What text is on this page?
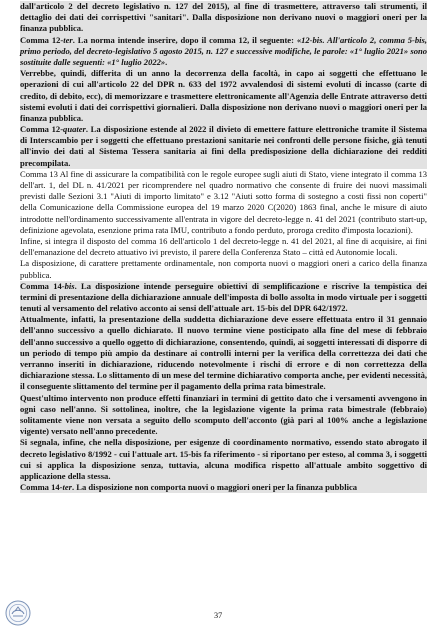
dall'articolo 2 del decreto legislativo n. 127 del 2015), al fine di trasmettere, attraverso tali strumenti, il dettaglio dei dati dei corrispettivi "sanitari". Dalla disposizione non derivano nuovi o maggiori oneri per la finanza pubblica.

Comma 12-ter. La norma intende inserire, dopo il comma 12, il seguente: «12-bis. All'articolo 2, comma 5-bis, primo periodo, del decreto-legislativo 5 agosto 2015, n. 127 e successive modifiche, le parole: «1° luglio 2021» sono sostituite dalle seguenti: «1° luglio 2022».

Verrebbe, quindi, differita di un anno la decorrenza della facoltà, in capo ai soggetti che effettuano le operazioni di cui all'articolo 22 del DPR n. 633 del 1972 avvalendosi di sistemi evoluti di incasso (carte di credito, di debito, ecc), di memorizzare e trasmettere elettronicamente all'Agenzia delle Entrate attraverso detti sistemi evoluti i dati dei corrispettivi giornalieri. Dalla disposizione non derivano nuovi o maggiori oneri per la finanza pubblica.

Comma 12-quater. La disposizione estende al 2022 il divieto di emettere fatture elettroniche tramite il Sistema di Interscambio per i soggetti che effettuano prestazioni sanitarie nei confronti delle persone fisiche, già tenuti all'invio dei dati al Sistema Tessera sanitaria ai fini della predisposizione della dichiarazione dei redditi precompilata.

Comma 13 Al fine di assicurare la compatibilità con le regole europee sugli aiuti di Stato, viene integrato il comma 13 dell'art. 1, del DL n. 41/2021 per ricomprendere nel quadro normativo che consente di fruire dei nuovi massimali previsti dalle Sezioni 3.1 "Aiuti di importo limitato" e 3.12 "Aiuti sotto forma di sostegno a costi fissi non coperti" della Comunicazione della Commissione europea del 19 marzo 2020 C(2020) 1863 final, anche le misure di aiuto introdotte nell'ordinamento successivamente all'entrata in vigore del decreto-legge n. 41 del 2021 (contributo start-up, definizione agevolata, esenzione prima rata IMU, contributo a fondo perduto, proroga credito d'imposta locazioni).

Infine, si integra il disposto del comma 16 dell'articolo 1 del decreto-legge n. 41 del 2021, al fine di acquisire, ai fini dell'emanazione del decreto attuativo ivi previsto, il parere della Conferenza Stato – città ed Autonomie locali.

La disposizione, di carattere prettamente ordinamentale, non comporta nuovi o maggiori oneri a carico della finanza pubblica.

Comma 14-bis. La disposizione intende perseguire obiettivi di semplificazione e riscrive la tempistica dei termini di presentazione della dichiarazione annuale dell'imposta di bollo assolta in modo virtuale per i soggetti tenuti al versamento del relativo acconto ai sensi dell'attuale art. 15-bis del DPR 642/1972.

Attualmente, infatti, la presentazione della suddetta dichiarazione deve essere effettuata entro il 31 gennaio dell'anno successivo a quello dichiarato. Il nuovo termine viene posticipato alla fine del mese di febbraio dell'anno successivo a quello oggetto di dichiarazione, consentendo, quindi, ai soggetti interessati di disporre di un periodo di tempo più ampio da destinare ai controlli interni per la verifica della correttezza dei dati che verranno inseriti in dichiarazione, riducendo notevolmente i rischi di errore e di non correttezza della dichiarazione stessa. Lo slittamento di un mese del termine dichiarativo comporta anche, per evidenti necessità, il conseguente slittamento del termine per il pagamento della prima rata bimestrale.

Quest'ultimo intervento non produce effetti finanziari in termini di gettito dato che i versamenti avvengono in ogni caso nell'anno. Si sottolinea, inoltre, che la legislazione vigente la prima rata bimestrale (febbraio) solitamente viene non versata a seguito dello scomputo dell'acconto (già pari al 100% anche a legislazione vigente) versato nell'anno precedente.

Si segnala, infine, che nella disposizione, per esigenze di coordinamento normativo, essendo stato abrogato il decreto legislativo 8/1992 - cui l'attuale art. 15-bis fa riferimento - si riportano per esteso, al comma 3, i soggetti cui si applica la disposizione senza, tuttavia, alcuna modifica rispetto all'attuale ambito soggettivo di applicazione della stessa.

Comma 14-ter. La disposizione non comporta nuovi o maggiori oneri per la finanza pubblica

37
